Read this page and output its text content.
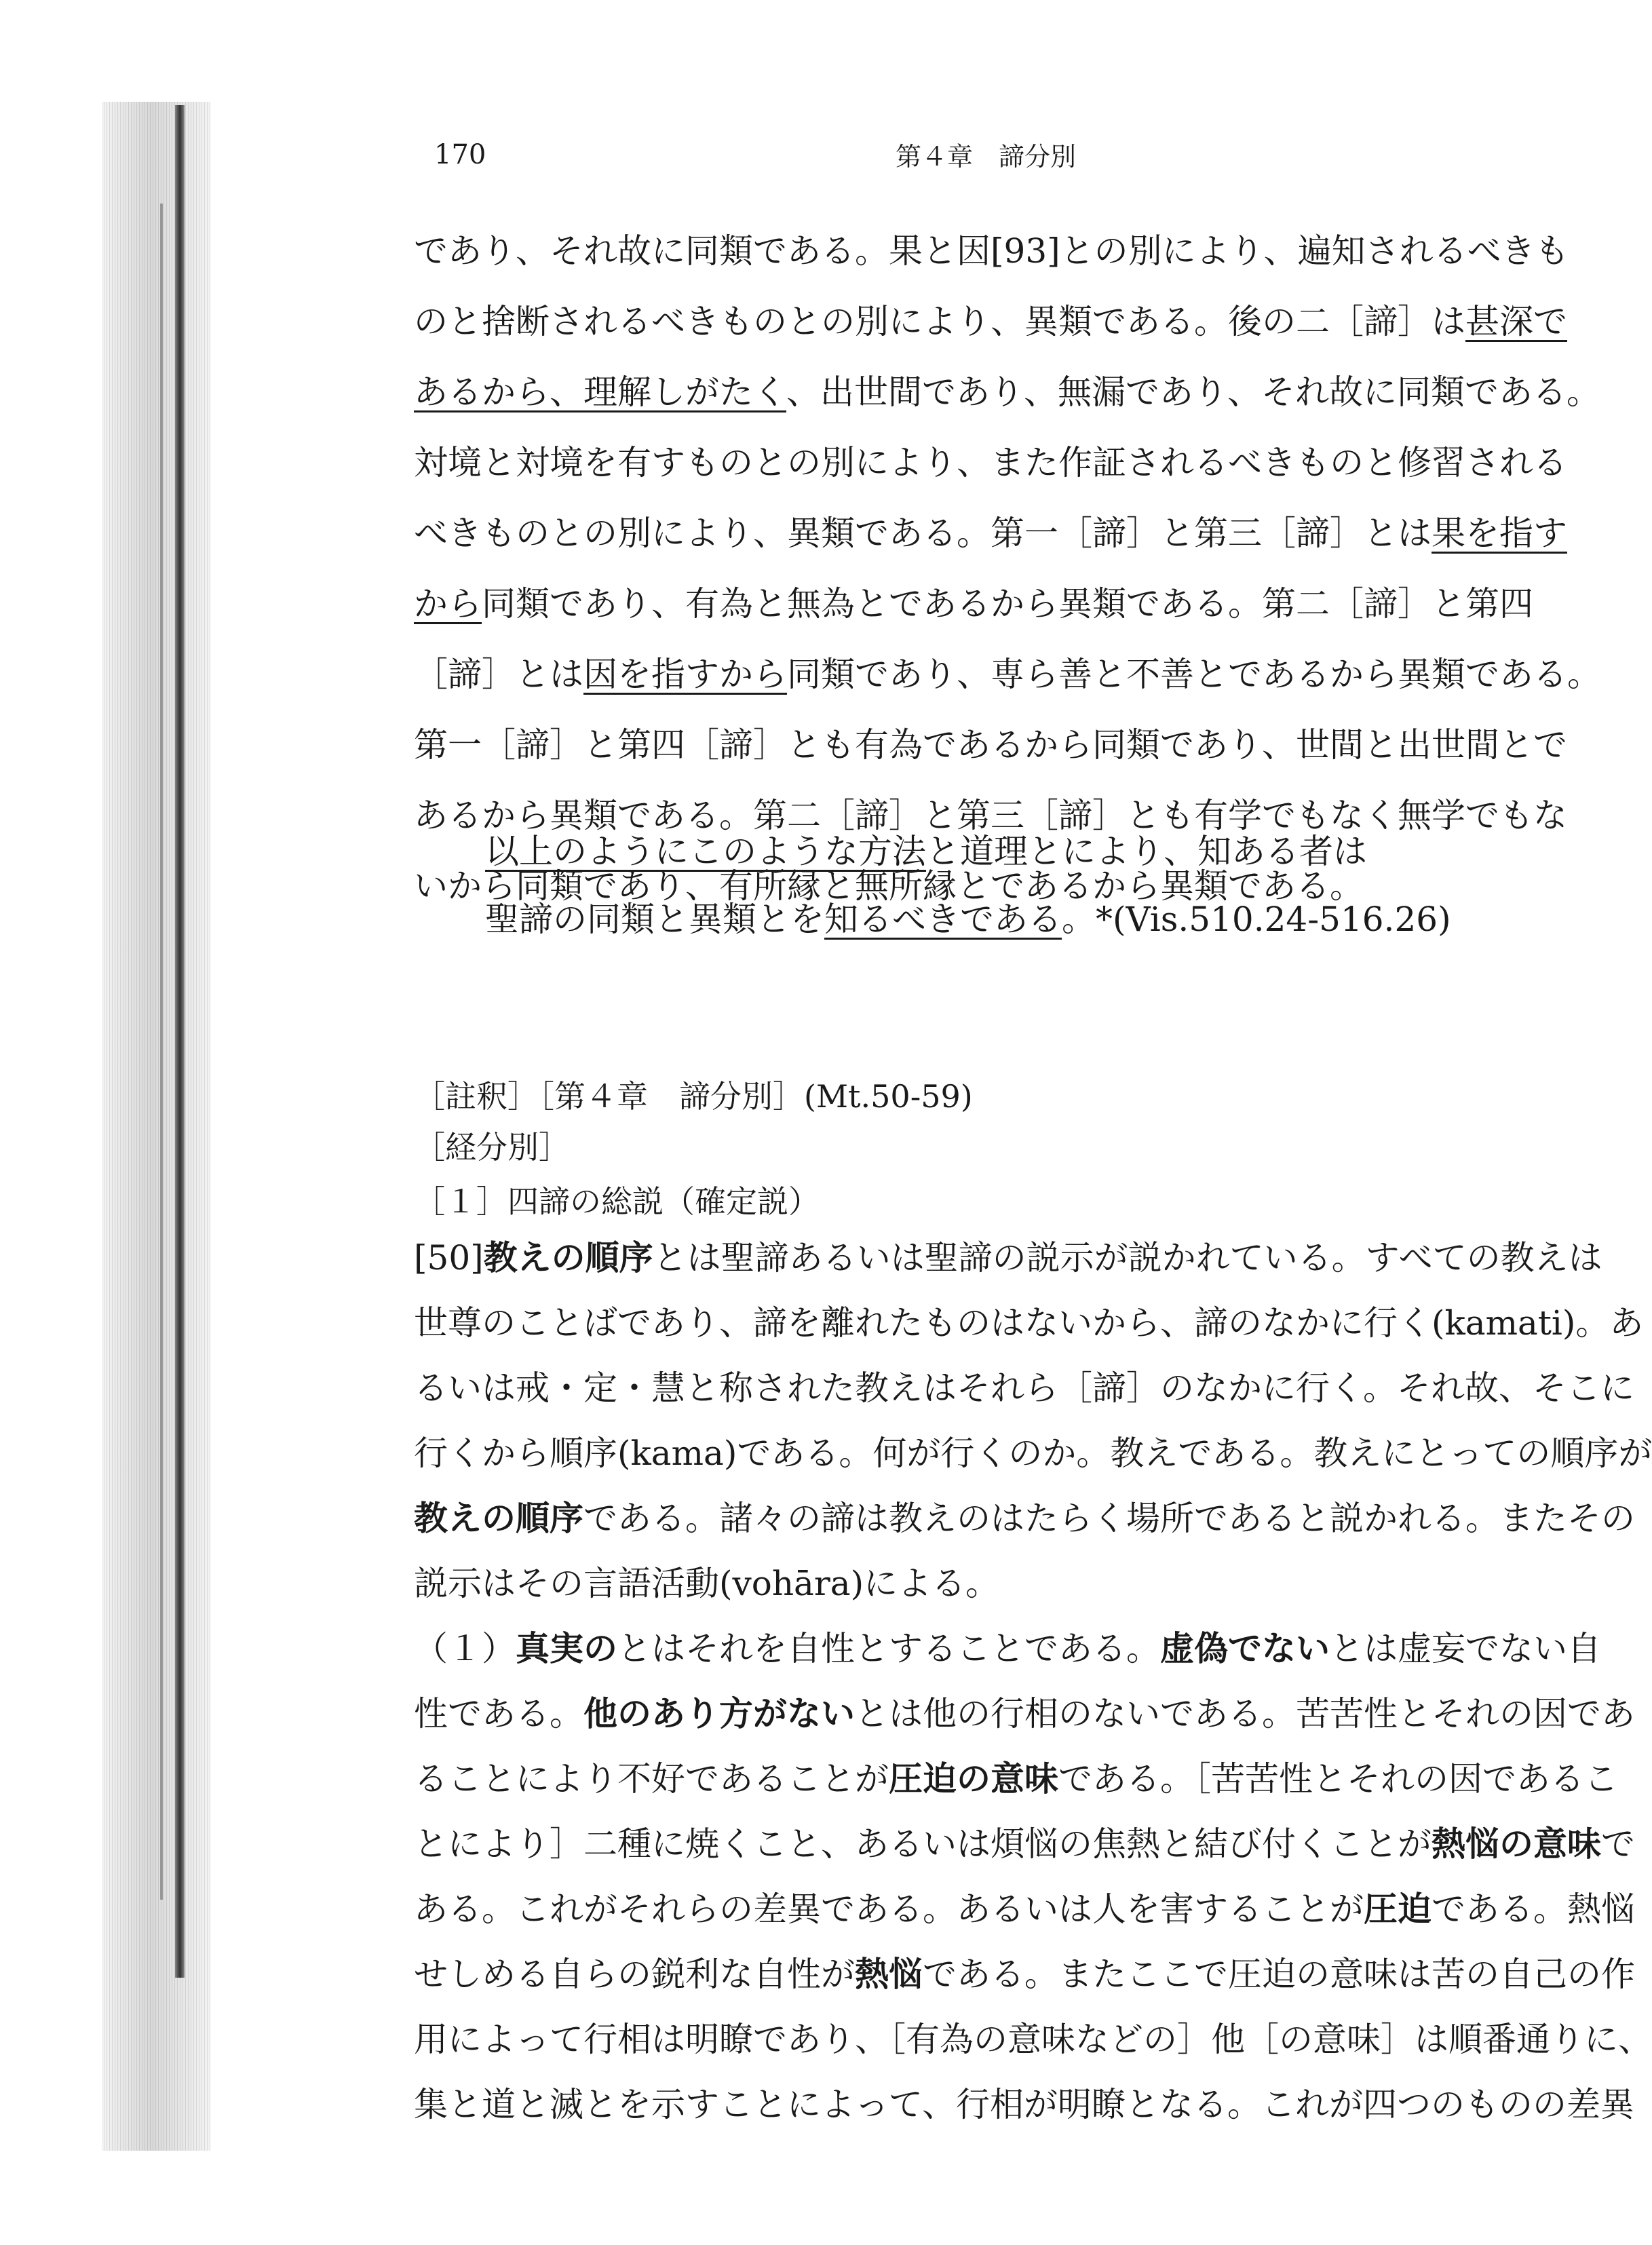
170	第４章　諦分別
であり、それ故に同類である。果と因[93]との別により、遍知されるべきも
のと捨断されるべきものとの別により、異類である。後の二［諦］は甚深で
あるから、理解しがたく、出世間であり、無漏であり、それ故に同類である。
対境と対境を有すものとの別により、また作証されるべきものと修習される
べきものとの別により、異類である。第一［諦］と第三［諦］とは果を指す
から同類であり、有為と無為とであるから異類である。第二［諦］と第四
［諦］とは因を指すから同類であり、専ら善と不善とであるから異類である。
第一［諦］と第四［諦］とも有為であるから同類であり、世間と出世間とで
あるから異類である。第二［諦］と第三［諦］とも有学でもなく無学でもな
いから同類であり、有所縁と無所縁とであるから異類である。
以上のようにこのような方法と道理とにより、知ある者は
聖諦の同類と異類とを知るべきである。*(Vis.510.24-516.26)
［註釈］［第４章　諦分別］(Mt.50-59)
［経分別］
［１］四諦の総説（確定説）
[50]教えの順序とは聖諦あるいは聖諦の説示が説かれている。すべての教えは
世尊のことばであり、諦を離れたものはないから、諦のなかに行く(kamati)。あ
るいは戒・定・慧と称された教えはそれら［諦］のなかに行く。それ故、そこに
行くから順序(kama)である。何が行くのか。教えである。教えにとっての順序が
教えの順序である。諸々の諦は教えのはたらく場所であると説かれる。またその
説示はその言語活動(vohāra)による。
（１）真実のとはそれを自性とすることである。虚偽でないとは虚妄でない自
性である。他のあり方がないとは他の行相のないである。苦苦性とそれの因であ
ることにより不好であることが圧迫の意味である。［苦苦性とそれの因であるこ
とにより］二種に焼くこと、あるいは煩悩の焦熱と結び付くことが熱悩の意味で
ある。これがそれらの差異である。あるいは人を害することが圧迫である。熱悩
せしめる自らの鋭利な自性が熱悩である。またここで圧迫の意味は苦の自己の作
用によって行相は明瞭であり、［有為の意味などの］他［の意味］は順番通りに、
集と道と滅とを示すことによって、行相が明瞭となる。これが四つのものの差異
